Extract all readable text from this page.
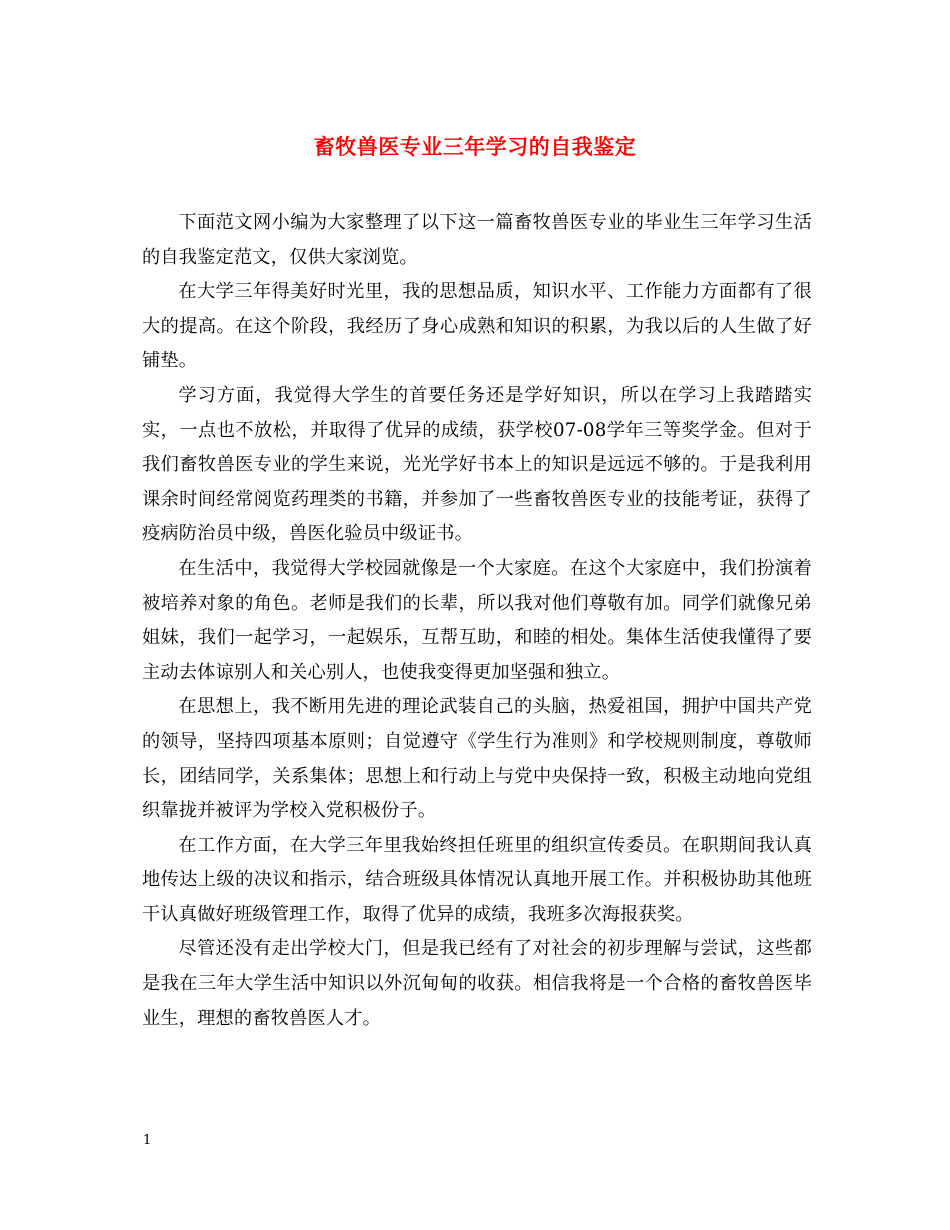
畜牧兽医专业三年学习的自我鉴定

下面范文网小编为大家整理了以下这一篇畜牧兽医专业的毕业生三年学习生活的自我鉴定范文，仅供大家浏览。

在大学三年得美好时光里，我的思想品质，知识水平、工作能力方面都有了很大的提高。在这个阶段，我经历了身心成熟和知识的积累，为我以后的人生做了好铺垫。

学习方面，我觉得大学生的首要任务还是学好知识，所以在学习上我踏踏实实，一点也不放松，并取得了优异的成绩，获学校07-08学年三等奖学金。但对于我们畜牧兽医专业的学生来说，光光学好书本上的知识是远远不够的。于是我利用课余时间经常阅览药理类的书籍，并参加了一些畜牧兽医专业的技能考证，获得了疫病防治员中级，兽医化验员中级证书。

在生活中，我觉得大学校园就像是一个大家庭。在这个大家庭中，我们扮演着被培养对象的角色。老师是我们的长辈，所以我对他们尊敬有加。同学们就像兄弟姐妹，我们一起学习，一起娱乐，互帮互助，和睦的相处。集体生活使我懂得了要主动去体谅别人和关心别人，也使我变得更加坚强和独立。

在思想上，我不断用先进的理论武装自己的头脑，热爱祖国，拥护中国共产党的领导，坚持四项基本原则；自觉遵守《学生行为准则》和学校规则制度，尊敬师长，团结同学，关系集体；思想上和行动上与党中央保持一致，积极主动地向党组织靠拢并被评为学校入党积极份子。

在工作方面，在大学三年里我始终担任班里的组织宣传委员。在职期间我认真地传达上级的决议和指示，结合班级具体情况认真地开展工作。并积极协助其他班干认真做好班级管理工作，取得了优异的成绩，我班多次海报获奖。

尽管还没有走出学校大门，但是我已经有了对社会的初步理解与尝试，这些都是我在三年大学生活中知识以外沉甸甸的收获。相信我将是一个合格的畜牧兽医毕业生，理想的畜牧兽医人才。

1
